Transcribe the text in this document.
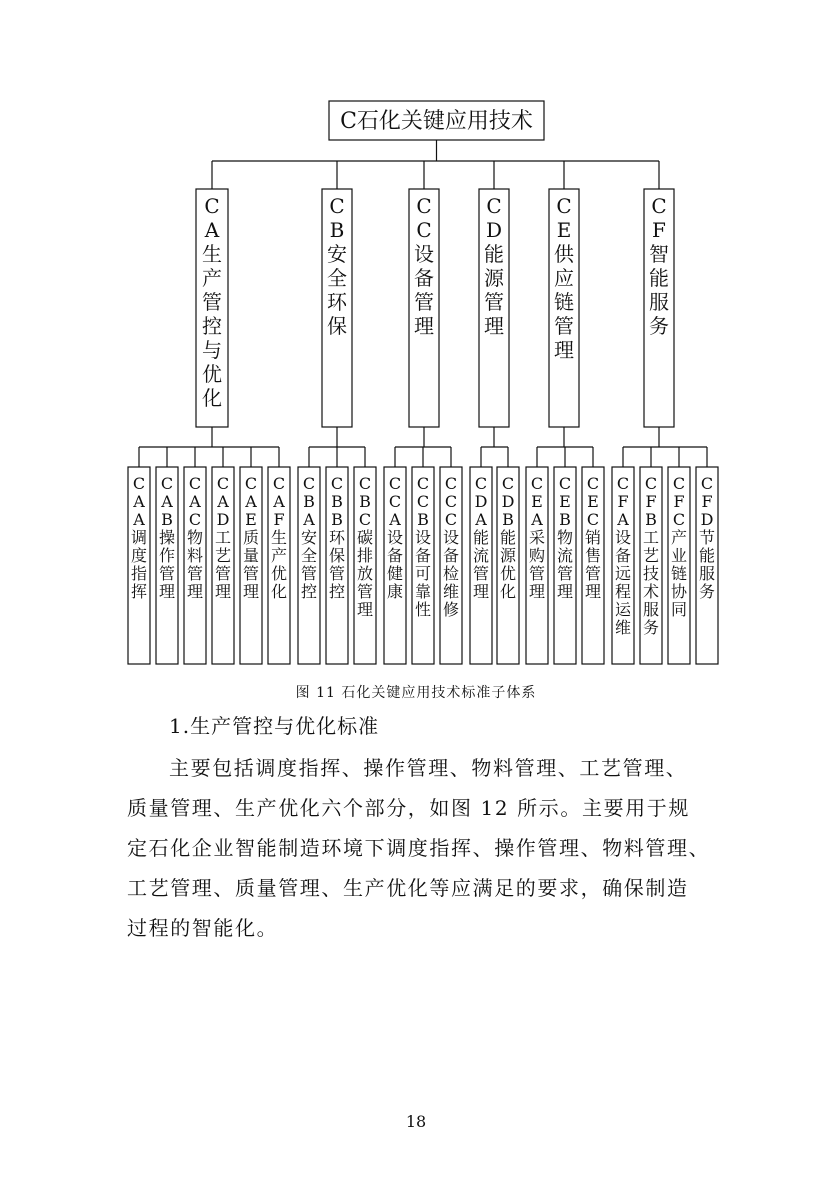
C石化关键应用技术
C A 生产管控与优化
C A A 调度指挥
C A B 操作管理
C A C 物料管理
C A D 工艺管理
C A E 质量管理
C A F 生产优化
C B 安全环保
C B A 安全管控
C B B 环保管控
C B C 碳排放管理
C C 设备管理
C C A 设备健康
C C B 设备可靠性
C C C 设备检维修
C D 能源管理
C D A 能流管理
C D B 能源优化
C E 供应链管理
C E A 采购管理
C E B 物流管理
C E C 销售管理
C F 智能服务
C F A 设备远程运维
C F B 工艺技术服务
C F C 产业链协同
C F D 节能服务
图 11 石化关键应用技术标准子体系
1.生产管控与优化标准

主要包括调度指挥、操作管理、物料管理、工艺管理、
质量管理、生产优化六个部分，如图 12 所示。主要用于规
定石化企业智能制造环境下调度指挥、操作管理、物料管理、
工艺管理、质量管理、生产优化等应满足的要求，确保制造
过程的智能化。

18
